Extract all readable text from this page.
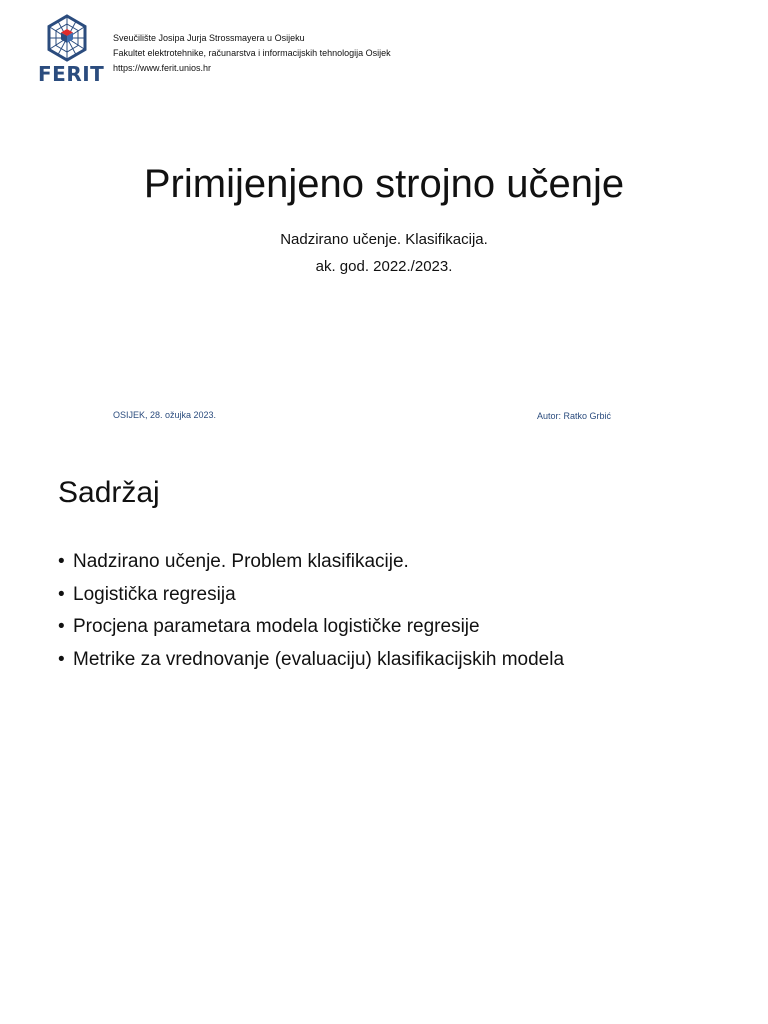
FERIT
Sveučilište Josipa Jurja Strossmayera u Osijeku
Fakultet elektrotehnike, računarstva i informacijskih tehnologija Osijek
https://www.ferit.unios.hr
Primijenjeno strojno učenje
Nadzirano učenje. Klasifikacija.
ak. god. 2022./2023.
OSIJEK, 28. ožujka 2023.	Autor: Ratko Grbić
Sadržaj
• Nadzirano učenje. Problem klasifikacije.
• Logistička regresija
• Procjena parametara modela logističke regresije
• Metrike za vrednovanje (evaluaciju) klasifikacijskih modela
